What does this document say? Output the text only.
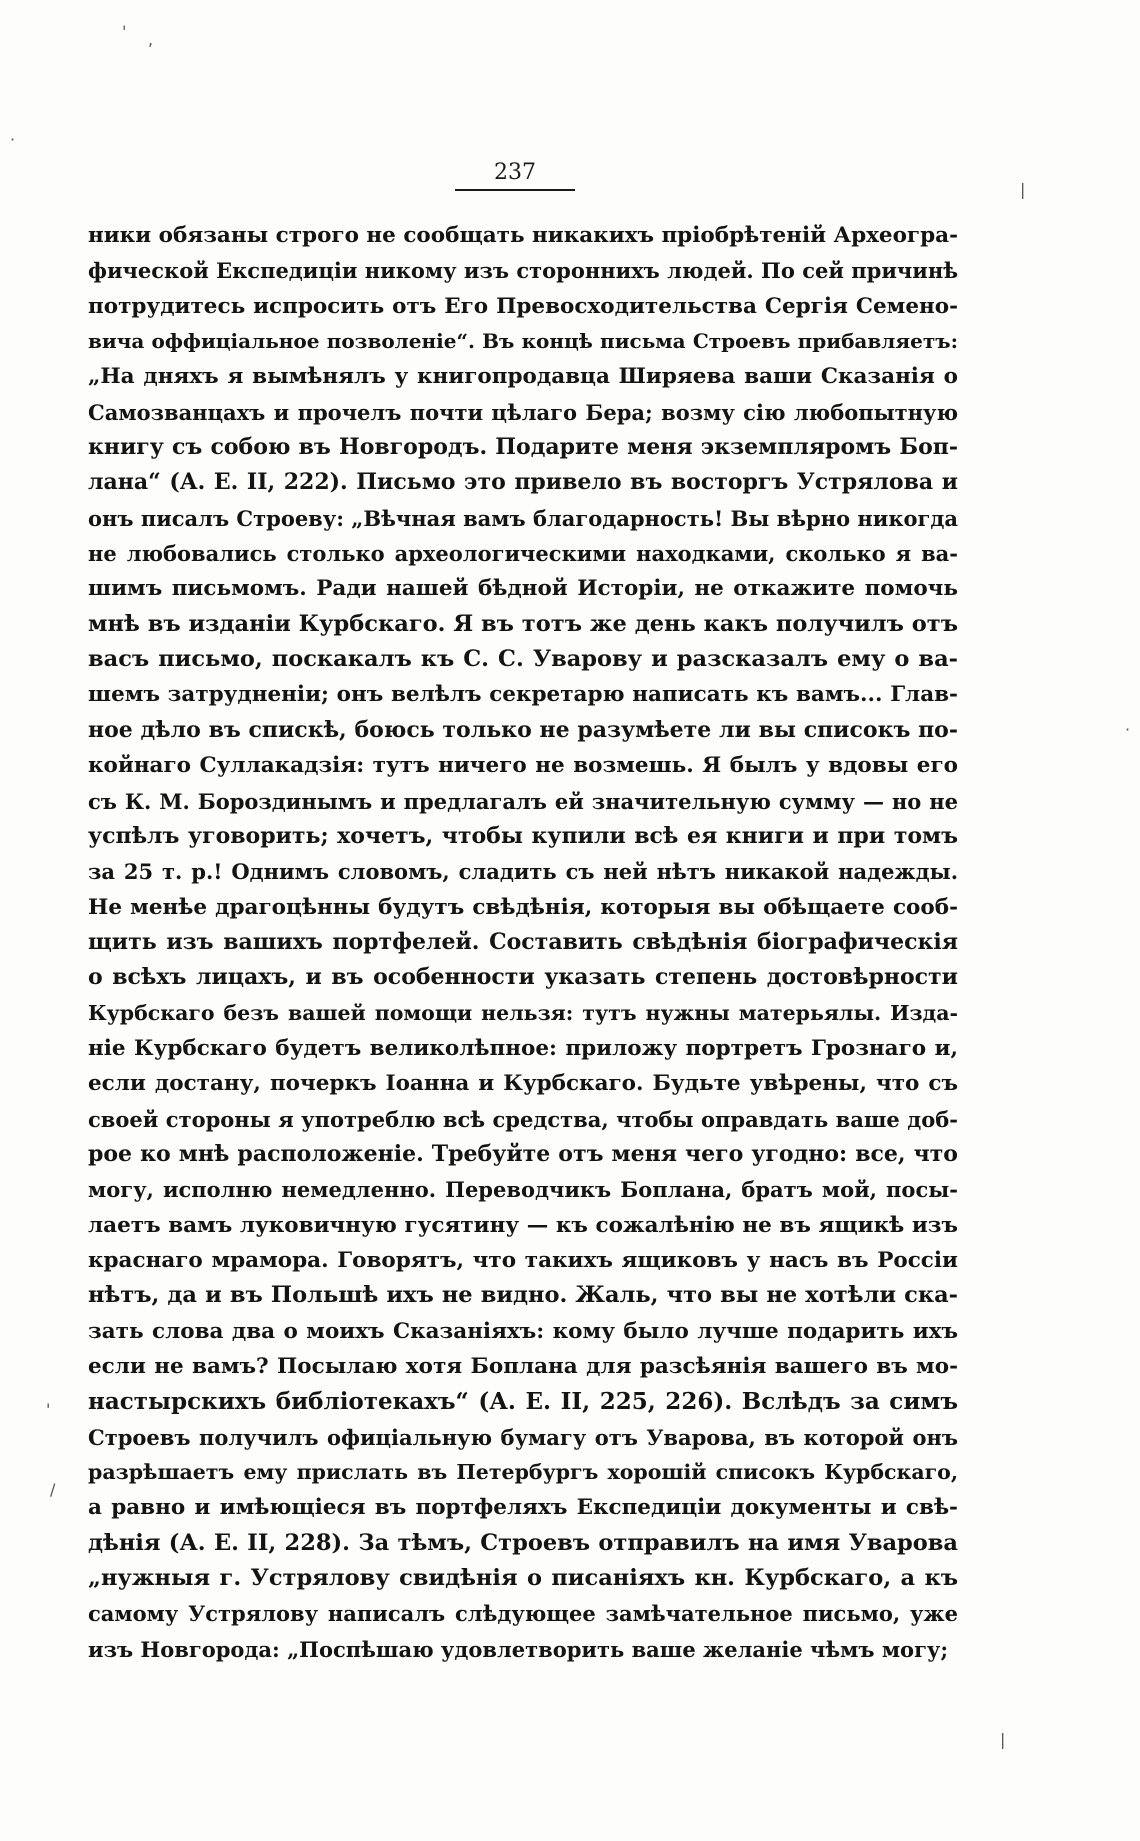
237
ники обязаны строго не сообщать никакихъ пріобрѣтеній Археогра-
фической Експедиціи никому изъ стороннихъ людей. По сей причинѣ
потрудитесь испросить отъ Его Превосходительства Сергія Семено-
вича оффиціальное позволеніе“. Въ концѣ письма Строевъ прибавляетъ:
„На дняхъ я вымѣнялъ у книгопродавца Ширяева ваши Сказанія о
Самозванцахъ и прочелъ почти цѣлаго Бера; возму сію любопытную
книгу съ собою въ Новгородъ. Подарите меня экземпляромъ Боп-
лана“ (А. Е. II, 222). Письмо это привело въ восторгъ Устрялова и
онъ писалъ Строеву: „Вѣчная вамъ благодарность! Вы вѣрно никогда
не любовались столько археологическими находками, сколько я ва-
шимъ письмомъ. Ради нашей бѣдной Исторіи, не откажите помочь
мнѣ въ изданіи Курбскаго. Я въ тотъ же день какъ получилъ отъ
васъ письмо, поскакалъ къ С. С. Уварову и разсказалъ ему о ва-
шемъ затрудненіи; онъ велѣлъ секретарю написать къ вамъ... Глав-
ное дѣло въ спискѣ, боюсь только не разумѣете ли вы списокъ по-
койнаго Суллакадзія: тутъ ничего не возмешь. Я былъ у вдовы его
съ К. М. Бороздинымъ и предлагалъ ей значительную сумму — но не
успѣлъ уговорить; хочетъ, чтобы купили всѣ ея книги и при томъ
за 25 т. р.! Однимъ словомъ, сладить съ ней нѣтъ никакой надежды.
Не менѣе драгоцѣнны будутъ свѣдѣнія, которыя вы обѣщаете сооб-
щить изъ вашихъ портфелей. Составить свѣдѣнія біографическія
о всѣхъ лицахъ, и въ особенности указать степень достовѣрности
Курбскаго безъ вашей помощи нельзя: тутъ нужны матерьялы. Изда-
ніе Курбскаго будетъ великолѣпное: приложу портретъ Грознаго и,
если достану, почеркъ Іоанна и Курбскаго. Будьте увѣрены, что съ
своей стороны я употреблю всѣ средства, чтобы оправдать ваше доб-
рое ко мнѣ расположеніе. Требуйте отъ меня чего угодно: все, что
могу, исполню немедленно. Переводчикъ Боплана, братъ мой, посы-
лаетъ вамъ луковичную гусятину — къ сожалѣнію не въ ящикѣ изъ
краснаго мрамора. Говорятъ, что такихъ ящиковъ у насъ въ Россіи
нѣтъ, да и въ Польшѣ ихъ не видно. Жаль, что вы не хотѣли ска-
зать слова два о моихъ Сказаніяхъ: кому было лучше подарить ихъ
если не вамъ? Посылаю хотя Боплана для разсѣянія вашего въ мо-
настырскихъ библіотекахъ“ (А. Е. II, 225, 226). Вслѣдъ за симъ
Строевъ получилъ офиціальную бумагу отъ Уварова, въ которой онъ
разрѣшаетъ ему прислать въ Петербургъ хорошій списокъ Курбскаго,
а равно и имѣющіеся въ портфеляхъ Експедиціи документы и свѣ-
дѣнія (А. Е. II, 228). За тѣмъ, Строевъ отправилъ на имя Уварова
„нужныя г. Устрялову свидѣнія о писаніяхъ кн. Курбскаго, а къ
самому Устрялову написалъ слѣдующее замѣчательное письмо, уже
изъ Новгорода: „Поспѣшаю удовлетворить ваше желаніе чѣмъ могу;
' ,
·
|
·
'
/
|
